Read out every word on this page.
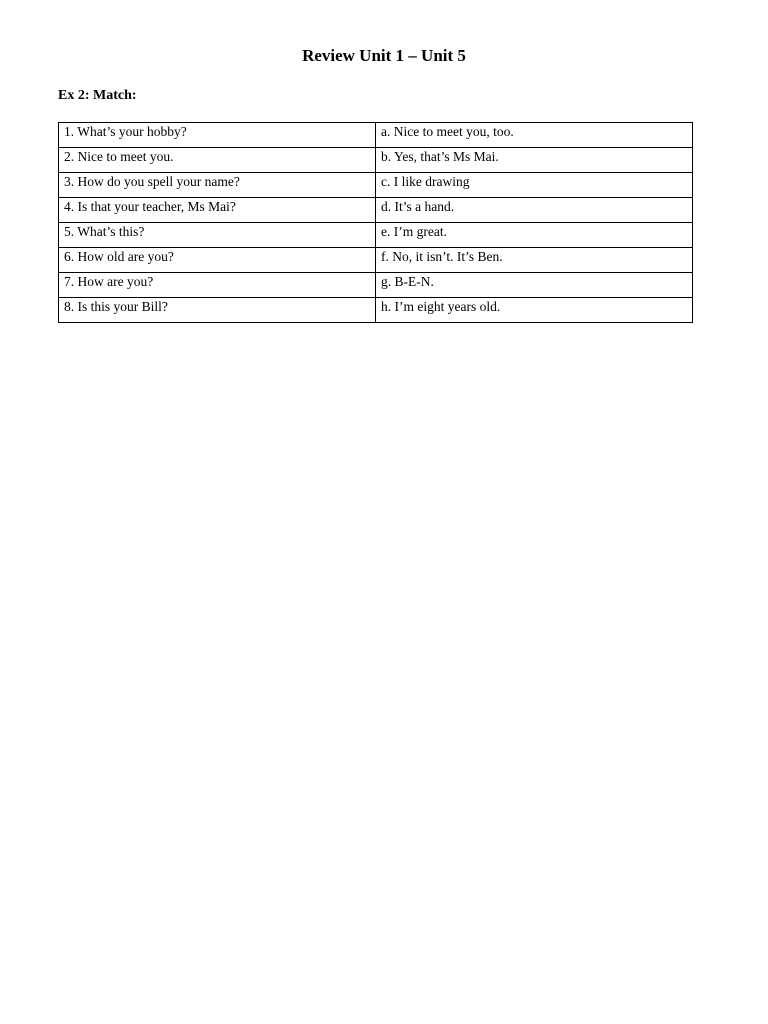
Review Unit 1 – Unit 5
Ex 2: Match:
1. What’s your hobby?	a. Nice to meet you, too.
2. Nice to meet you.	b. Yes, that’s Ms Mai.
3. How do you spell your name?	c. I like drawing
4. Is that your teacher, Ms Mai?	d. It’s a hand.
5. What’s this?	e. I’m great.
6. How old are you?	f. No, it isn’t. It’s Ben.
7. How are you?	g. B-E-N.
8. Is this your Bill?	h. I’m eight years old.
